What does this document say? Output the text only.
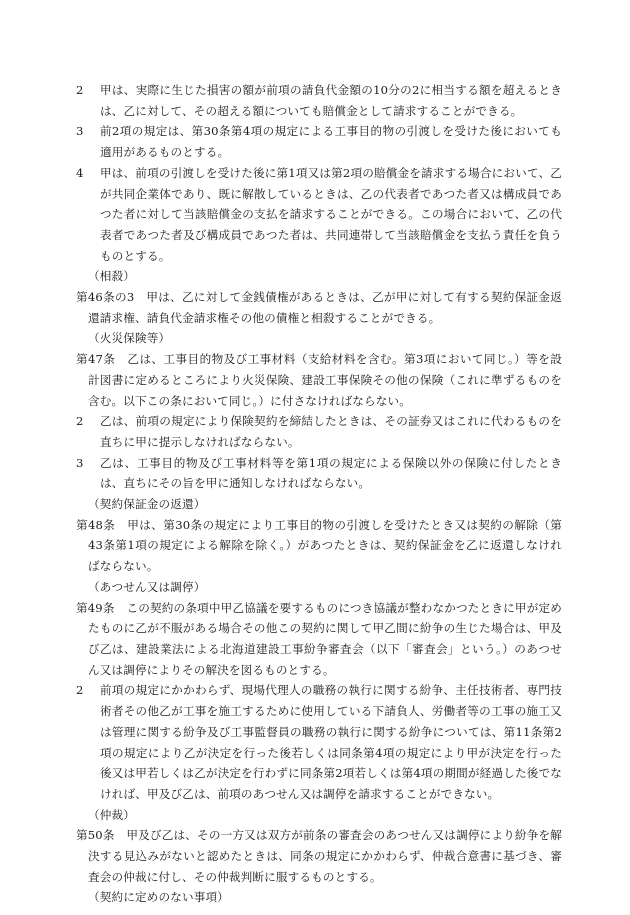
2	甲は、実際に生じた損害の額が前項の請負代金額の10分の2に相当する額を超えるときは、乙に対して、その超える額についても賠償金として請求することができる。
3	前2項の規定は、第30条第4項の規定による工事目的物の引渡しを受けた後においても適用があるものとする。
4	甲は、前項の引渡しを受けた後に第1項又は第2項の賠償金を請求する場合において、乙が共同企業体であり、既に解散しているときは、乙の代表者であつた者又は構成員であつた者に対して当該賠償金の支払を請求することができる。この場合において、乙の代表者であつた者及び構成員であつた者は、共同連帯して当該賠償金を支払う責任を負うものとする。
（相殺）
第46条の3　 甲は、乙に対して金銭債権があるときは、乙が甲に対して有する契約保証金返還請求権、請負代金請求権その他の債権と相殺することができる。
（火災保険等）
第47条　 乙は、工事目的物及び工事材料（支給材料を含む。第3項において同じ。）等を設計図書に定めるところにより火災保険、建設工事保険その他の保険（これに準ずるものを含む。以下この条において同じ。）に付さなければならない。
2	乙は、前項の規定により保険契約を締結したときは、その証券又はこれに代わるものを直ちに甲に提示しなければならない。
3	乙は、工事目的物及び工事材料等を第1項の規定による保険以外の保険に付したときは、直ちにその旨を甲に通知しなければならない。
（契約保証金の返還）
第48条　 甲は、第30条の規定により工事目的物の引渡しを受けたとき又は契約の解除（第43条第1項の規定による解除を除く。）があつたときは、契約保証金を乙に返還しなければならない。
（あつせん又は調停）
第49条　 この契約の条項中甲乙協議を要するものにつき協議が整わなかつたときに甲が定めたものに乙が不服がある場合その他この契約に関して甲乙間に紛争の生じた場合は、甲及び乙は、建設業法による北海道建設工事紛争審査会（以下「審査会」という。）のあつせん又は調停によりその解決を図るものとする。
2	前項の規定にかかわらず、現場代理人の職務の執行に関する紛争、主任技術者、専門技術者その他乙が工事を施工するために使用している下請負人、労働者等の工事の施工又は管理に関する紛争及び工事監督員の職務の執行に関する紛争については、第11条第2項の規定により乙が決定を行った後若しくは同条第4項の規定により甲が決定を行った後又は甲若しくは乙が決定を行わずに同条第2項若しくは第4項の期間が経過した後でなければ、甲及び乙は、前項のあつせん又は調停を請求することができない。
（仲裁）
第50条　 甲及び乙は、その一方又は双方が前条の審査会のあつせん又は調停により紛争を解決する見込みがないと認めたときは、同条の規定にかかわらず、仲裁合意書に基づき、審査会の仲裁に付し、その仲裁判断に服するものとする。
（契約に定めのない事項）
